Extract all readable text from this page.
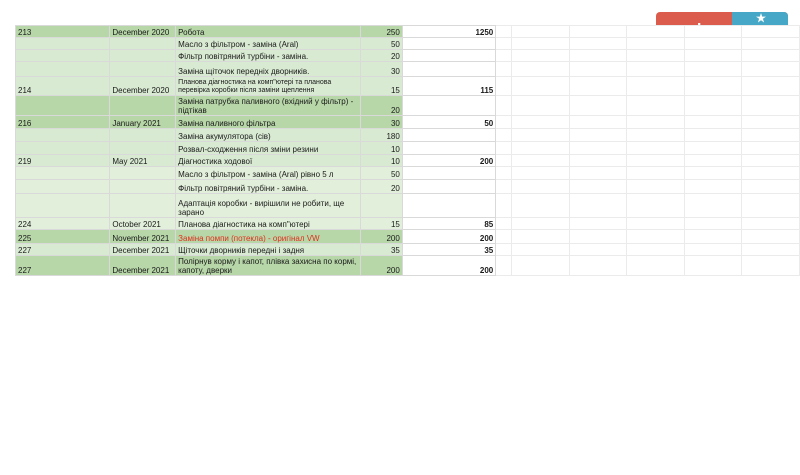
213	December 2020	Робота	250	1250						
		Масло з фільтром - заміна (Aral)	50							
		Фільтр повітряний турбіни - заміна.	20							
		Заміна щіточок передніх дворників.	30							
214	December 2020	Планова діагностика на комп"ютері та планова перевірка коробки після заміни щеплення	15	115						
		Заміна патрубка паливного (вхідний у фільтр) - підтікав	20							
216	January 2021	Заміна паливного фільтра	30	50						
		Заміна акумулятора (сів)	180							
		Розвал-сходження після зміни резини	10							
219	May 2021	Діагностика ходової	10	200						
		Масло з фільтром - заміна (Aral) рівно 5 л	50							
		Фільтр повітряний турбіни - заміна.	20							
		Адаптація коробки - вирішили не робити, ще зарано								
224	October 2021	Планова діагностика на комп"ютері	15	85						
225	November 2021	Заміна помпи (потекла) - оригінал VW	200	200						
227	December 2021	Щіточки дворників передні і задня	35	35						
227	December 2021	Полірнув корму і капот, плівка захисна по кормі, капоту, дверки	200	200						
